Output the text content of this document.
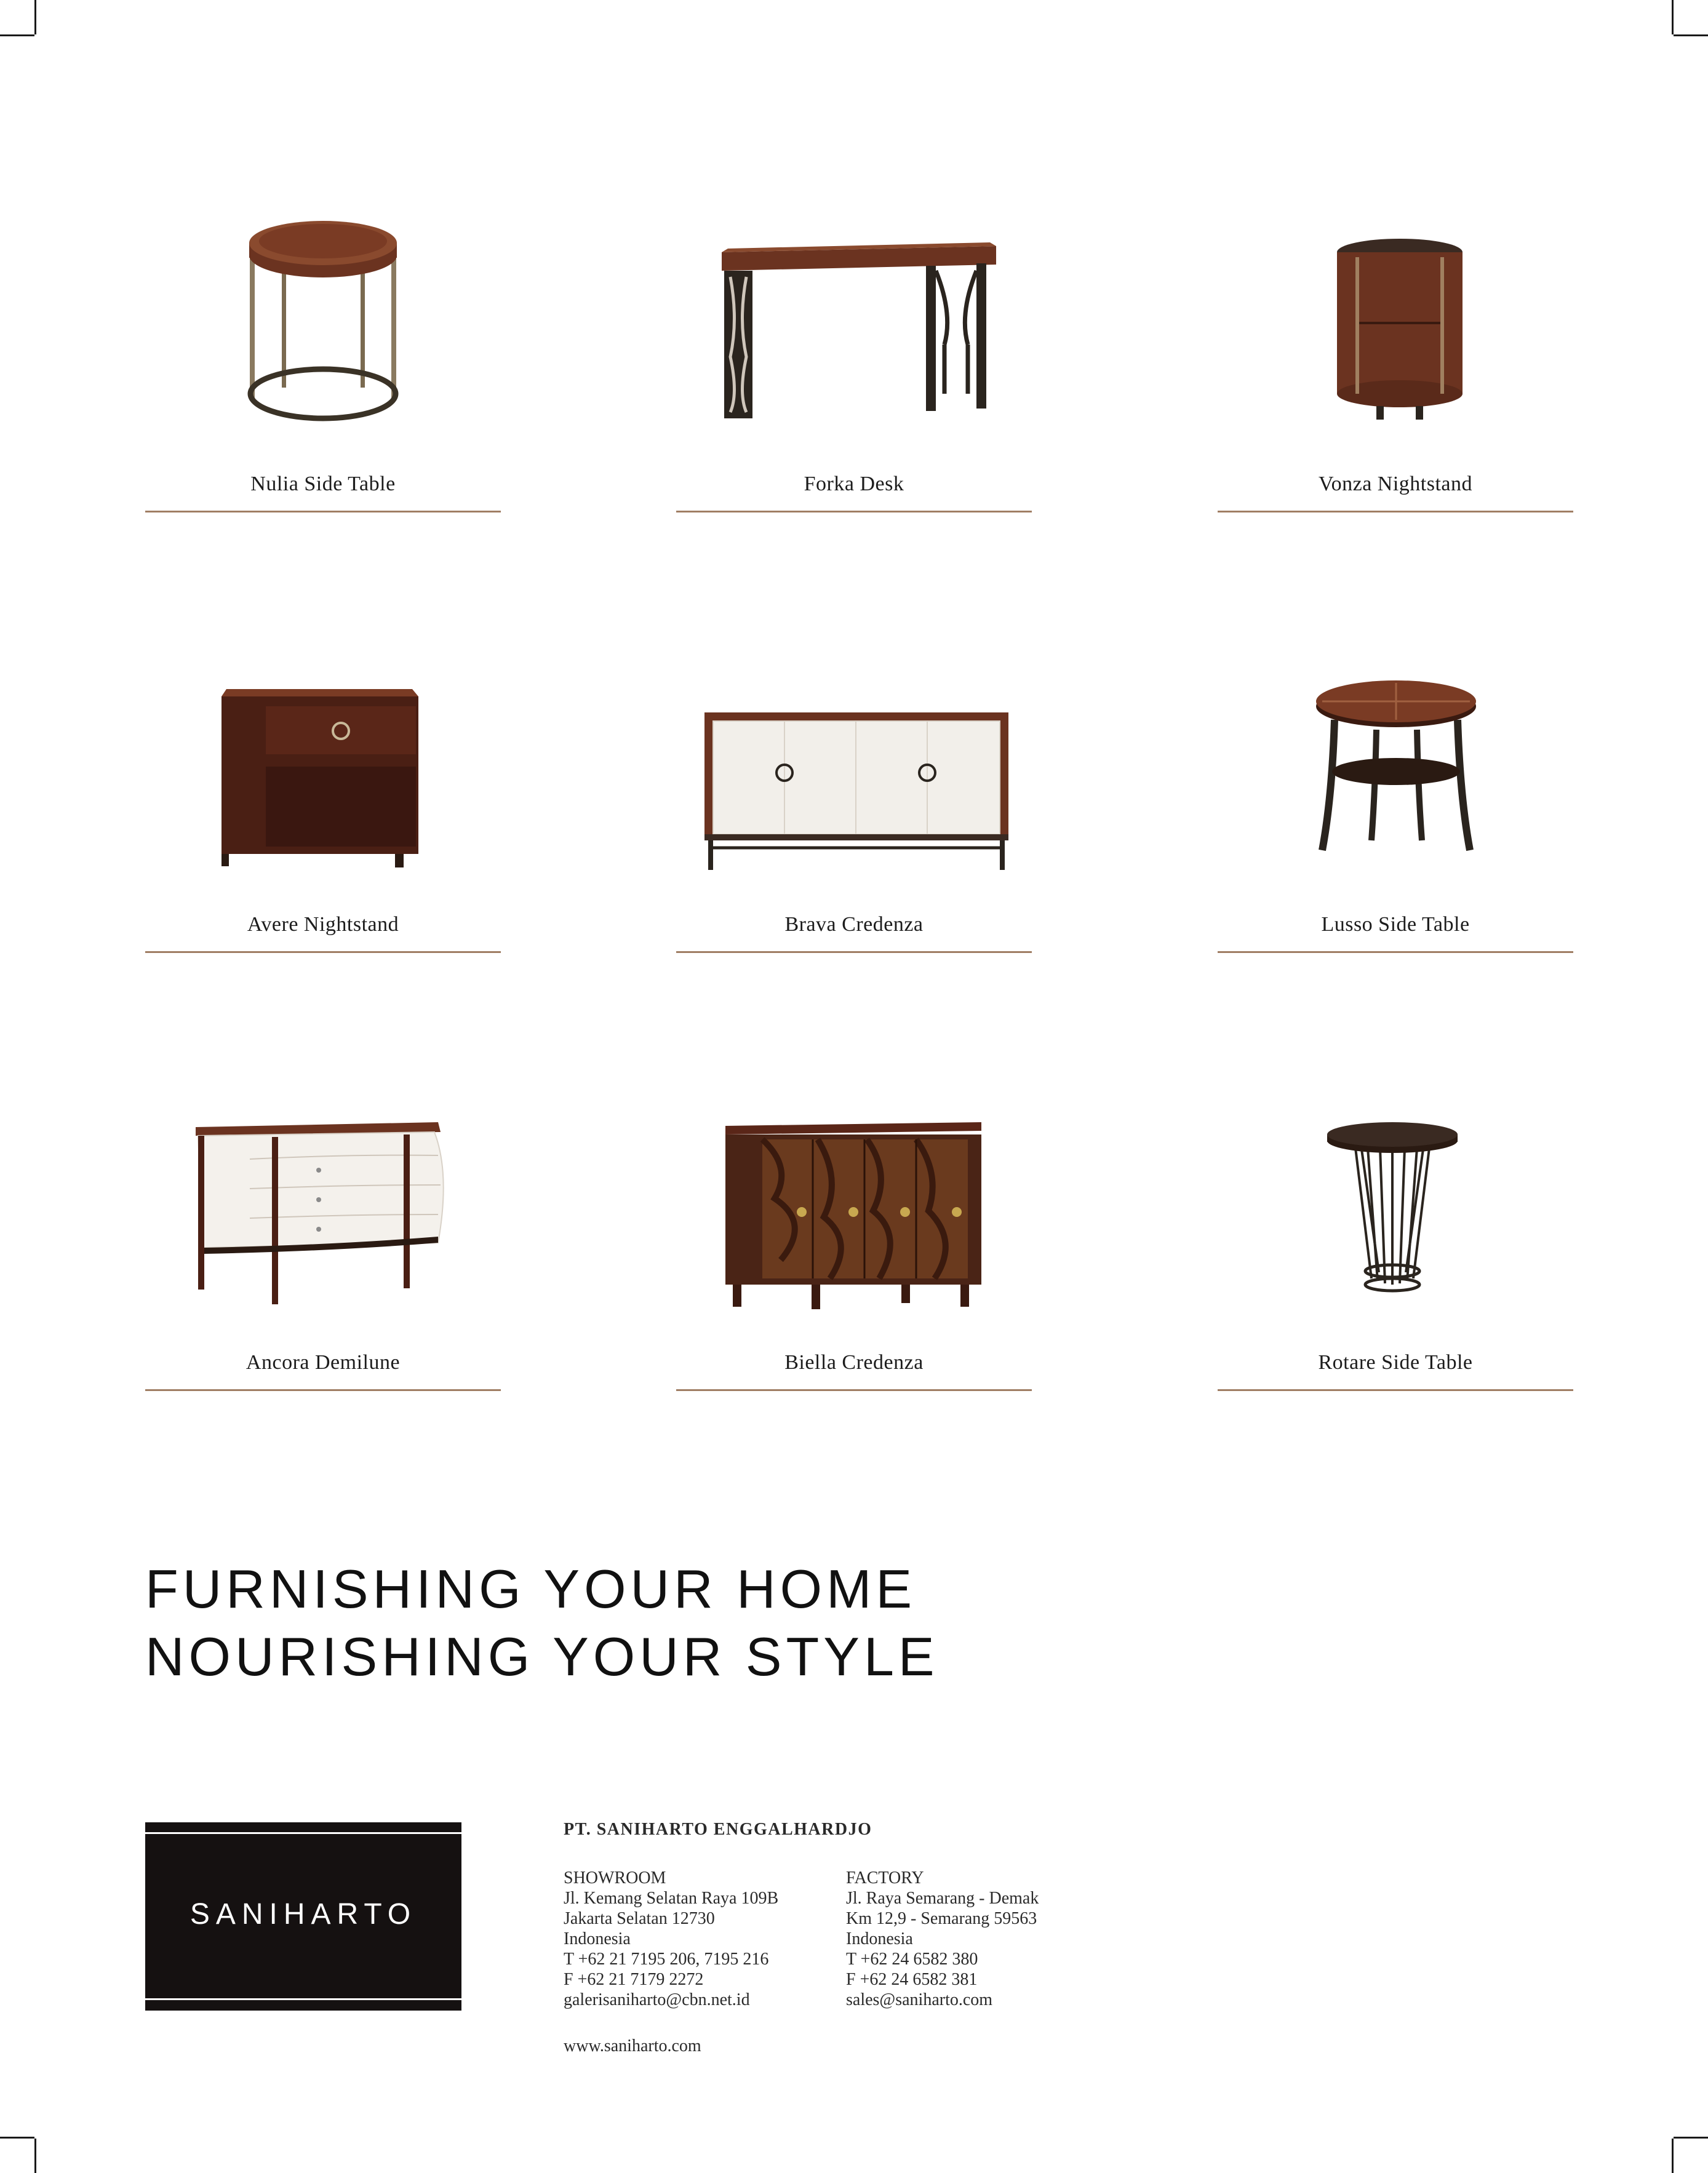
Nulia Side Table	Forka Desk	Vonza Nightstand
Avere Nightstand	Brava Credenza	Lusso Side Table
Ancora Demilune	Biella Credenza	Rotare Side Table
FURNISHING YOUR HOME
NOURISHING YOUR STYLE
SANIHARTO
PT. SANIHARTO ENGGALHARDJO
SHOWROOM
Jl. Kemang Selatan Raya 109B
Jakarta Selatan 12730
Indonesia
T +62 21 7195 206, 7195 216
F +62 21 7179 2272
galerisaniharto@cbn.net.id
FACTORY
Jl. Raya Semarang - Demak
Km 12,9 - Semarang 59563
Indonesia
T +62 24 6582 380
F +62 24 6582 381
sales@saniharto.com
www.saniharto.com
